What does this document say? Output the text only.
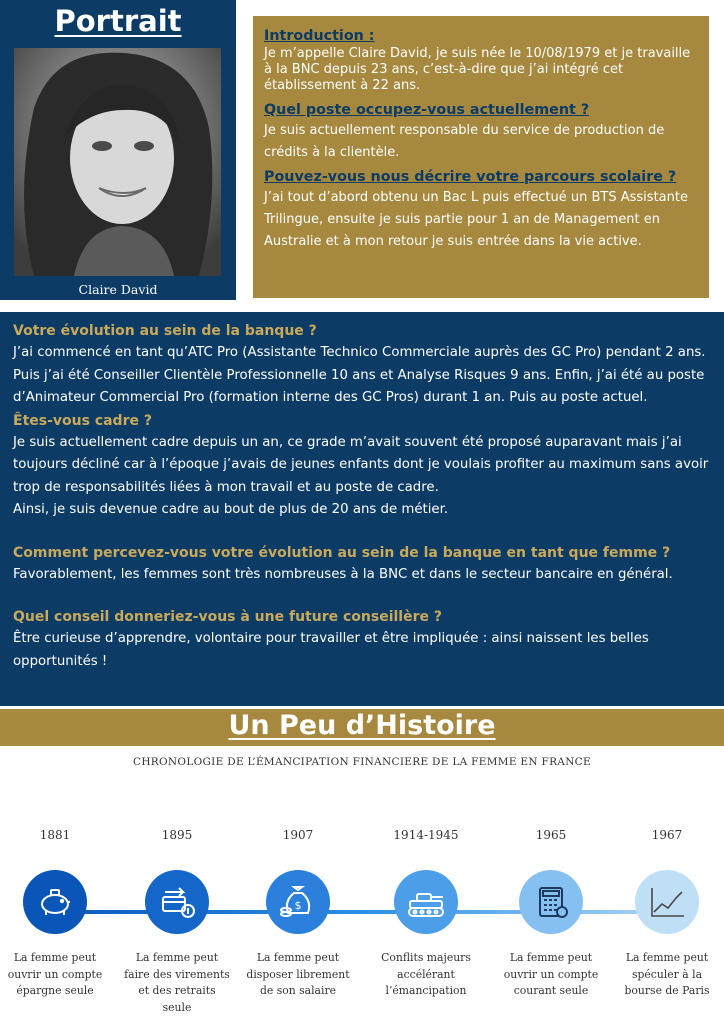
Portrait
Claire David

Introduction :

Je m’appelle Claire David, je suis née le 10/08/1979 et je travaille à la BNC depuis 23 ans, c’est-à-dire que j’ai intégré cet établissement à 22 ans.

Quel poste occupez-vous actuellement ?

Je suis actuellement responsable du service de production de crédits à la clientèle.

Pouvez-vous nous décrire votre parcours scolaire ?

J’ai tout d’abord obtenu un Bac L puis effectué un BTS Assistante Trilingue, ensuite je suis partie pour 1 an de Management en Australie et à mon retour je suis entrée dans la vie active.

Votre évolution au sein de la banque ?

J’ai commencé en tant qu’ATC Pro (Assistante Technico Commerciale auprès des GC Pro) pendant 2 ans. Puis j’ai été Conseiller Clientèle Professionnelle 10 ans et Analyse Risques 9 ans. Enfin, j’ai été au poste d’Animateur Commercial Pro (formation interne des GC Pros) durant 1 an. Puis au poste actuel.

Êtes-vous cadre ?

Je suis actuellement cadre depuis un an, ce grade m’avait souvent été proposé auparavant mais j’ai toujours décliné car à l’époque j’avais de jeunes enfants dont je voulais profiter au maximum sans avoir trop de responsabilités liées à mon travail et au poste de cadre.

Ainsi, je suis devenue cadre au bout de plus de 20 ans de métier.

Comment percevez-vous votre évolution au sein de la banque en tant que femme ?

Favorablement, les femmes sont très nombreuses à la BNC et dans le secteur bancaire en général.

Quel conseil donneriez-vous à une future conseillère ?

Être curieuse d’apprendre, volontaire pour travailler et être impliquée : ainsi naissent les belles opportunités !

Un Peu d’Histoire
CHRONOLOGIE DE L’ÉMANCIPATION FINANCIERE DE LA FEMME EN FRANCE
1881
La femme peut ouvrir un compte épargne seule
1895
La femme peut faire des virements et des retraits seule
1907
$
La femme peut disposer librement de son salaire
1914-1945
Conflits majeurs accélérant l’émancipation
1965
La femme peut ouvrir un compte courant seule
1967
La femme peut spéculer à la bourse de Paris
